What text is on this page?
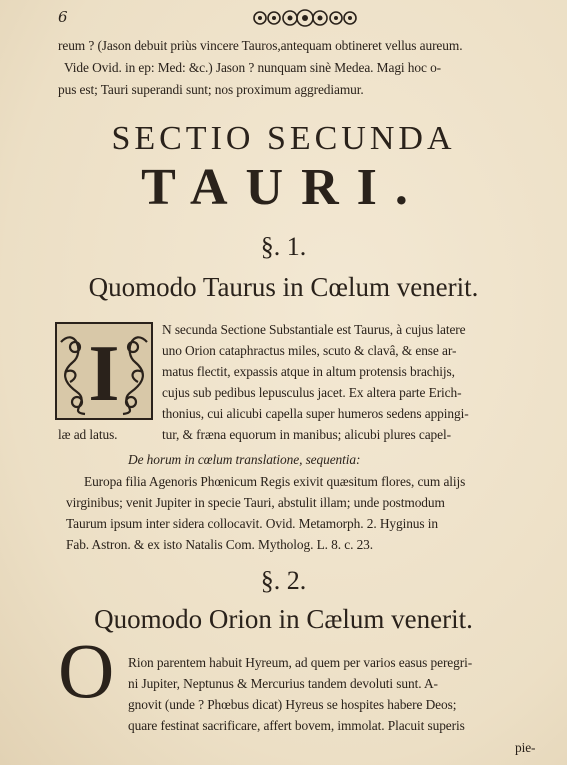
6
reum ? (Jason debuit priùs vincere Tauros,antequam obtineret vellus aureum.
Vide Ovid. in ep: Med: &c.) Jason ? nunquam sinè Medea. Magi hoc o-
pus est; Tauri superandi sunt; nos proximum aggrediamur.
SECTIO SECUNDA
TAURI.
§. 1.
Quomodo Taurus in Cœlum venerit.
I
N secunda Sectione Substantiale est Taurus, à cujus latere
uno Orion cataphractus miles, scuto & clavâ, & ense ar-
matus flectit, expassis atque in altum protensis brachijs,
cujus sub pedibus lepusculus jacet. Ex altera parte Erich-
thonius, cui alicubi capella super humeros sedens appingi-
tur, & fræna equorum in manibus; alicubi plures capel-
læ ad latus.
De horum in cœlum translatione, sequentia:
Europa filia Agenoris Phœnicum Regis exivit quæsitum flores, cum alijs
virginibus; venit Jupiter in specie Tauri, abstulit illam; unde postmodum
Taurum ipsum inter sidera collocavit. Ovid. Metamorph. 2. Hyginus in
Fab. Astron. & ex isto Natalis Com. Mytholog. L. 8. c. 23.
§. 2.
Quomodo Orion in Cælum venerit.
O Rion parentem habuit Hyreum, ad quem per varios easus peregri-
ni Jupiter, Neptunus & Mercurius tandem devoluti sunt. A-
gnovit (unde ? Phœbus dicat) Hyreus se hospites habere Deos;
quare festinat sacrificare, affert bovem, immolat. Placuit superis
pie-
